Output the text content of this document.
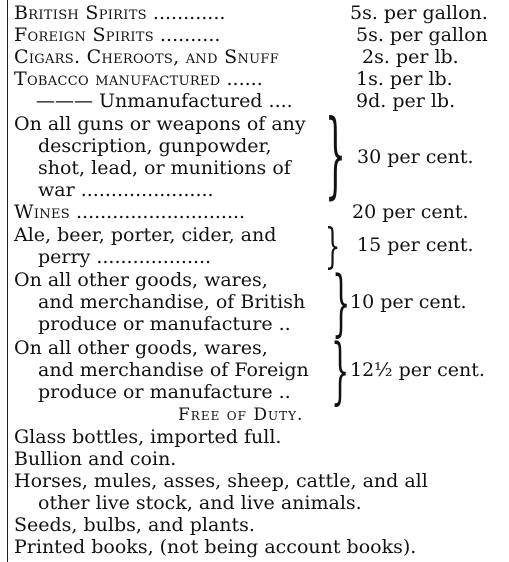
British Spirits ............	5s. per gallon.
Foreign Spirits ..........	5s. per gallon
Cigars. Cheroots, and Snuff	2s. per lb.
Tobacco manufactured ......	1s. per lb.
——— Unmanufactured ....	9d. per lb.
On all guns or weapons of any
description, gunpowder,
shot, lead, or munitions of
war ...................... } 30 per cent.
Wines ............................	20 per cent.
Ale, beer, porter, cider, and
perry ................... } 15 per cent.
On all other goods, wares,
and merchandise, of British
produce or manufacture .. } 10 per cent.
On all other goods, wares,
and merchandise of Foreign
produce or manufacture .. } 12½ per cent.
Free of Duty.
Glass bottles, imported full.
Bullion and coin.
Horses, mules, asses, sheep, cattle, and all
other live stock, and live animals.
Seeds, bulbs, and plants.
Printed books, (not being account books).
